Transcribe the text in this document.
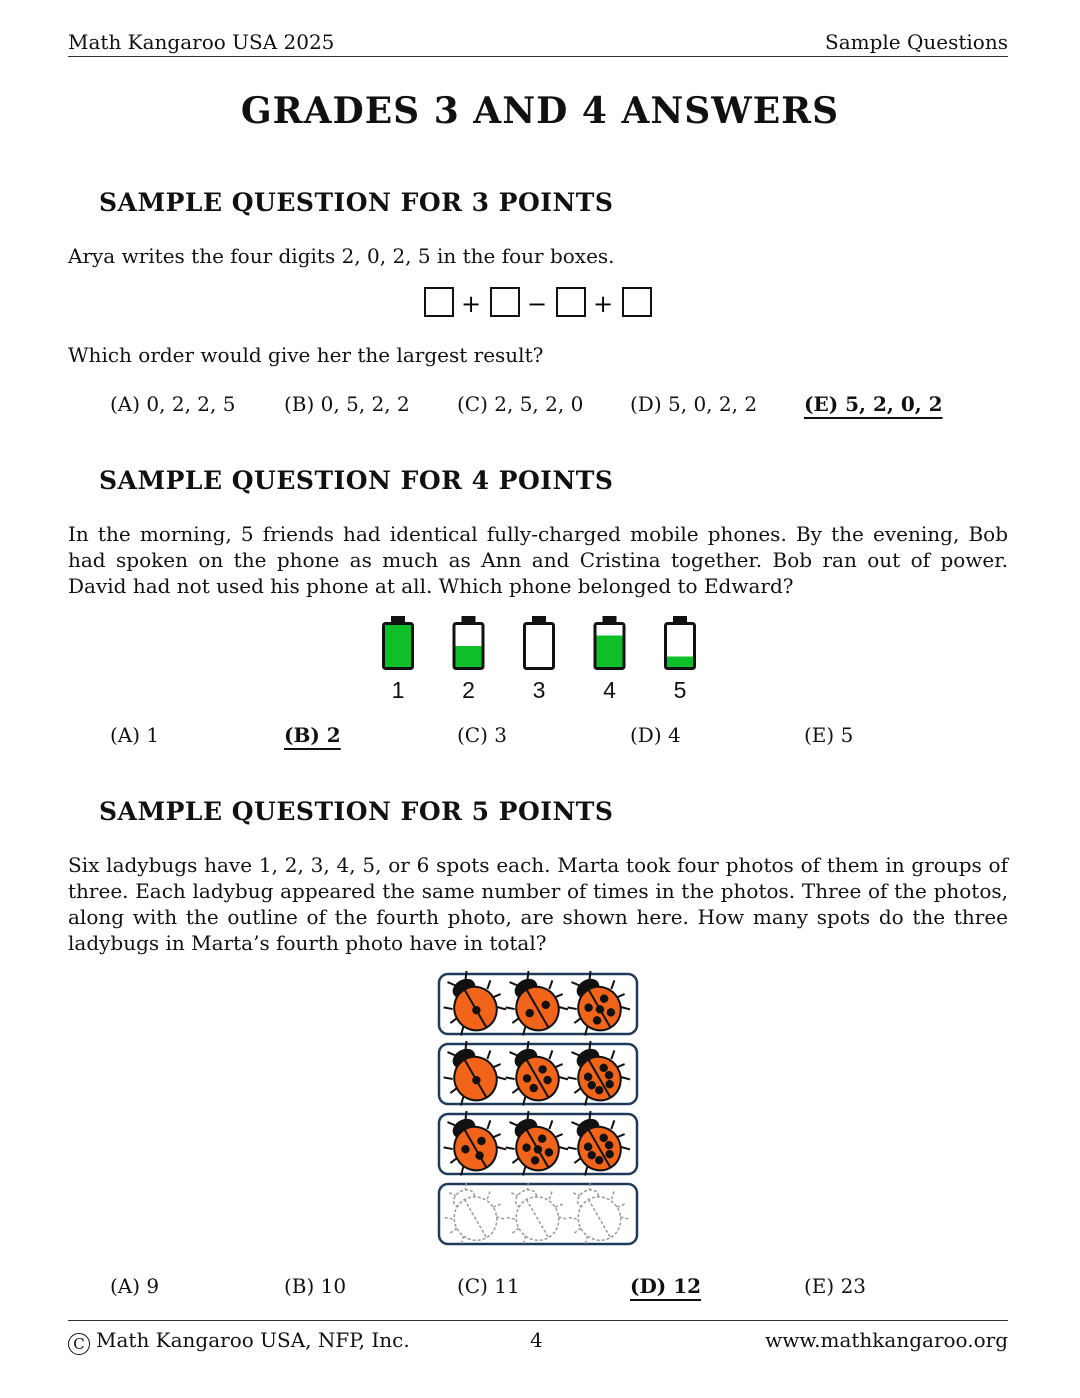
Math Kangaroo USA 2025	Sample Questions
GRADES 3 AND 4 ANSWERS
SAMPLE QUESTION FOR 3 POINTS
Arya writes the four digits 2, 0, 2, 5 in the four boxes.
+ − +
Which order would give her the largest result?
(A) 0, 2, 2, 5 (B) 0, 5, 2, 2 (C) 2, 5, 2, 0 (D) 5, 0, 2, 2 (E) 5, 2, 0, 2
SAMPLE QUESTION FOR 4 POINTS
In the morning, 5 friends had identical fully-charged mobile phones. By the evening, Bob had spoken on the phone as much as Ann and Cristina together. Bob ran out of power. David had not used his phone at all. Which phone belonged to Edward?
1	2	3	4	5
(A) 1	(B) 2	(C) 3	(D) 4	(E) 5
SAMPLE QUESTION FOR 5 POINTS
Six ladybugs have 1, 2, 3, 4, 5, or 6 spots each. Marta took four photos of them in groups of three. Each ladybug appeared the same number of times in the photos. Three of the photos, along with the outline of the fourth photo, are shown here. How many spots do the three ladybugs in Marta’s fourth photo have in total?
(A) 9	(B) 10	(C) 11	(D) 12	(E) 23
C Math Kangaroo USA, NFP, Inc.	4	www.mathkangaroo.org
